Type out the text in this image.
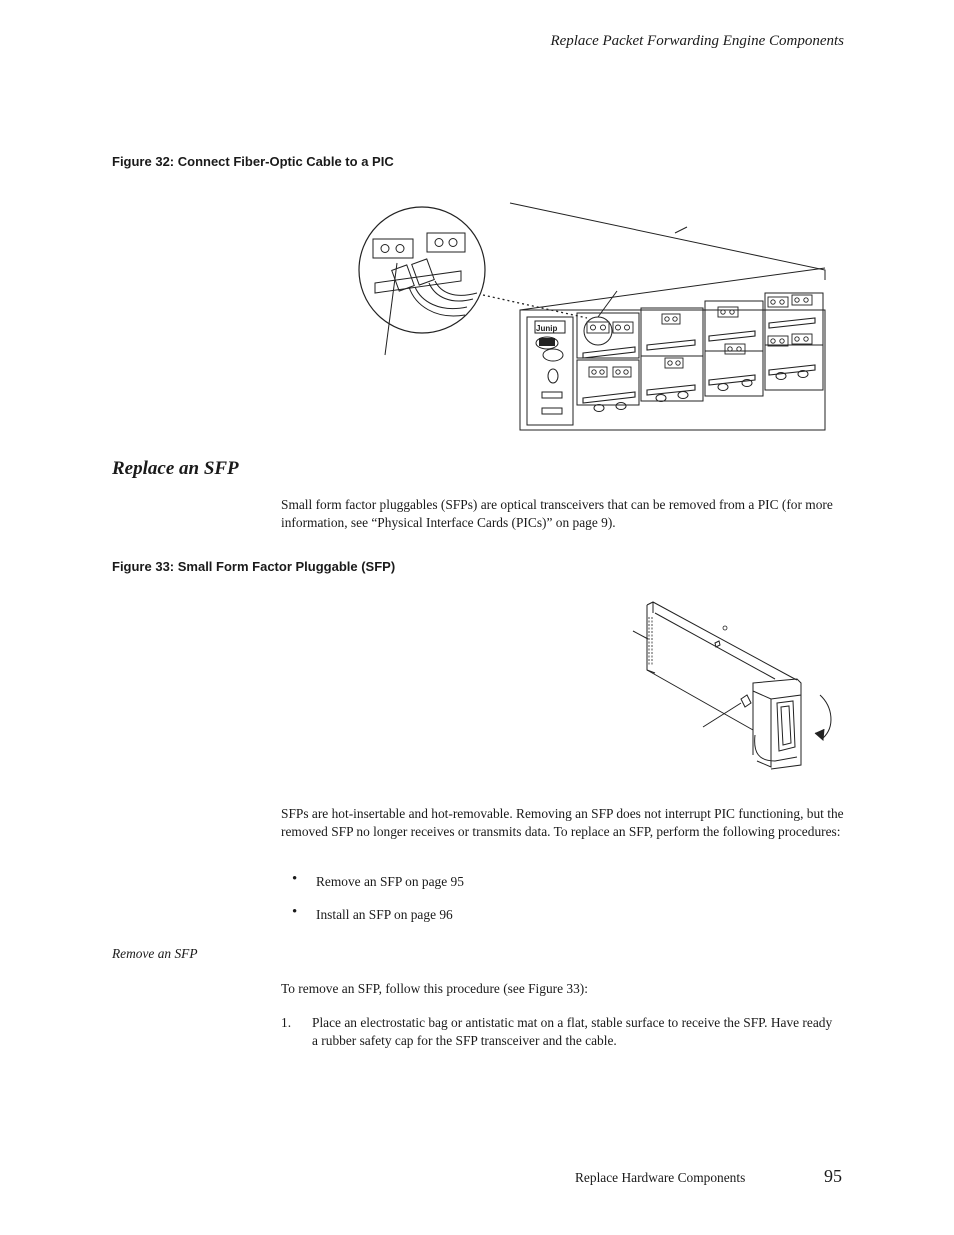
Replace Packet Forwarding Engine Components
Figure 32: Connect Fiber-Optic Cable to a PIC
Junip
Replace an SFP
Small form factor pluggables (SFPs) are optical transceivers that can be removed from a PIC (for more information, see “Physical Interface Cards (PICs)” on page 9).
Figure 33: Small Form Factor Pluggable (SFP)
SFPs are hot-insertable and hot-removable. Removing an SFP does not interrupt PIC functioning, but the removed SFP no longer receives or transmits data. To replace an SFP, perform the following procedures:
• Remove an SFP on page 95
• Install an SFP on page 96
Remove an SFP
To remove an SFP, follow this procedure (see Figure 33):
1. Place an electrostatic bag or antistatic mat on a flat, stable surface to receive the SFP. Have ready a rubber safety cap for the SFP transceiver and the cable.
Replace Hardware Components	95
